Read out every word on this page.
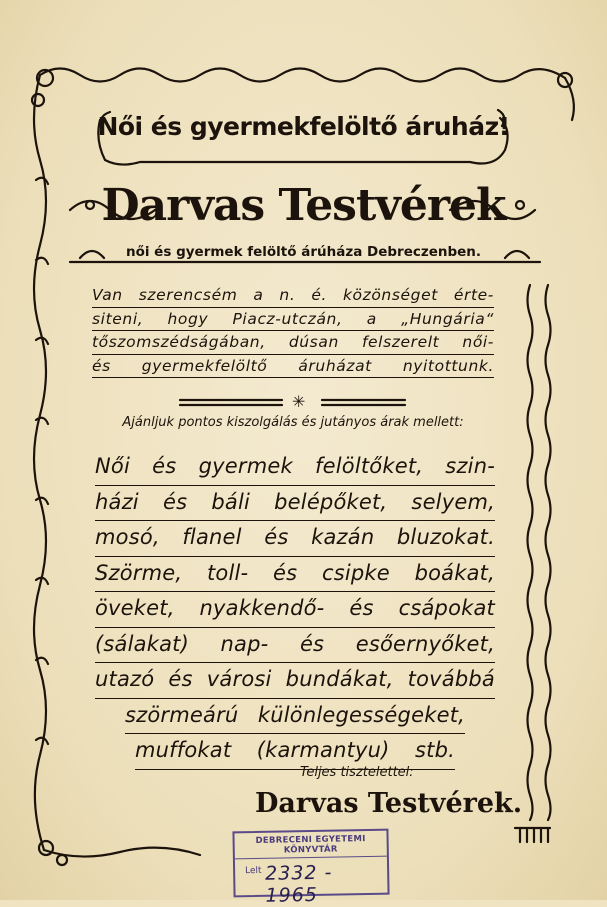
Női és gyermekfelöltő áruház!
Darvas Testvérek
női és gyermek felöltő árúháza Debreczenben.
Van szerencsém a n. é. közönséget érte-
siteni, hogy Piacz-utczán, a „Hungária“
tőszomszédságában, dúsan felszerelt női-
és gyermekfelöltő áruházat nyitottunk.
✳
Ajánljuk pontos kiszolgálás és jutányos árak mellett:
Női és gyermek felöltőket, szin-
házi és báli belépőket, selyem,
mosó, flanel és kazán bluzokat.
Szörme, toll- és csipke boákat,
öveket, nyakkendő- és csápokat
(sálakat) nap- és esőernyőket,
utazó és városi bundákat, továbbá
szörmeárú különlegességeket,
muffokat (karmantyu) stb.
Teljes tisztelettel:
Darvas Testvérek.
DEBRECENI EGYETEMI KÖNYVTÁR
Lelt 2332 - 1965
